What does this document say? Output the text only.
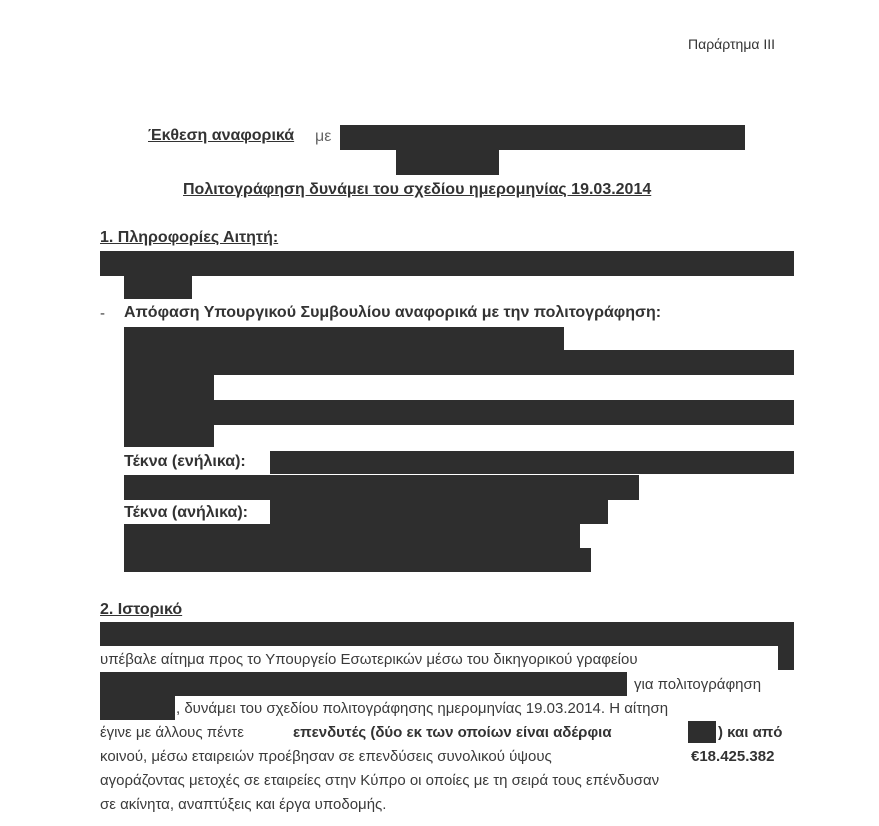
Παράρτημα ΙΙΙ
Έκθεση αναφορικά με
Πολιτογράφηση δυνάμει του σχεδίου ημερομηνίας 19.03.2014
1. Πληροφορίες Αιτητή:
- Απόφαση Υπουργικού Συμβουλίου αναφορικά με την πολιτογράφηση:
Τέκνα (ενήλικα):
Τέκνα (ανήλικα):
2. Ιστορικό
υπέβαλε αίτημα προς το Υπουργείο Εσωτερικών μέσω του δικηγορικού γραφείου
για πολιτογράφηση
, δυνάμει του σχεδίου πολιτογράφησης ημερομηνίας 19.03.2014. Η αίτηση
έγινε με άλλους πέντε	επενδυτές (δύο εκ των οποίων είναι αδέρφια	) και από
κοινού, μέσω εταιρειών προέβησαν σε επενδύσεις συνολικού ύψους	€18.425.382
αγοράζοντας μετοχές σε εταιρείες στην Κύπρο οι οποίες με τη σειρά τους επένδυσαν
σε ακίνητα, αναπτύξεις και έργα υποδομής.
